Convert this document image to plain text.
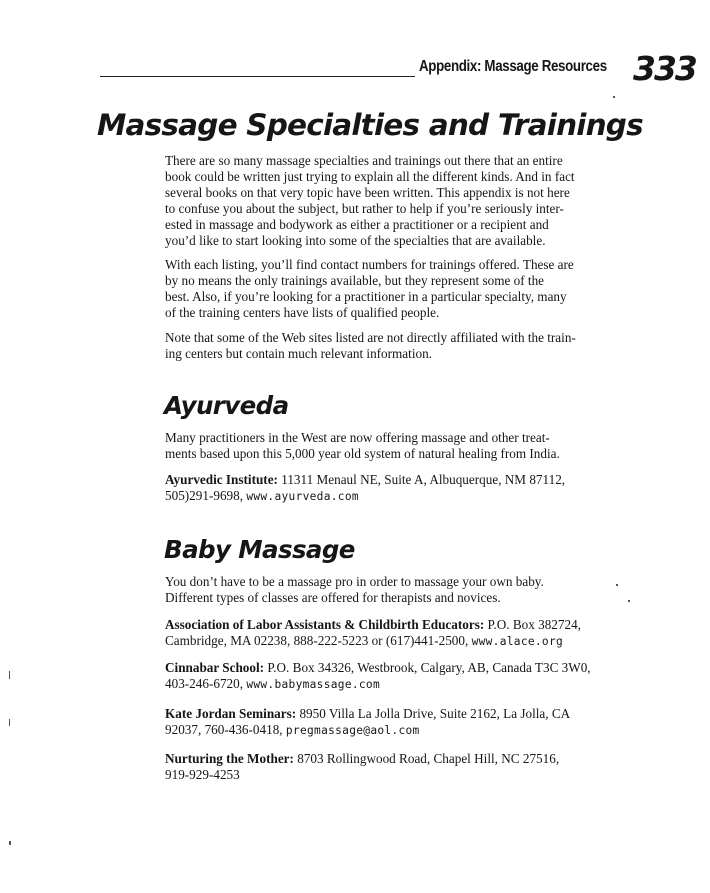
Appendix: Massage Resources 333
Massage Specialties and Trainings

There are so many massage specialties and trainings out there that an entire
book could be written just trying to explain all the different kinds. And in fact
several books on that very topic have been written. This appendix is not here
to confuse you about the subject, but rather to help if you’re seriously inter-
ested in massage and bodywork as either a practitioner or a recipient and
you’d like to start looking into some of the specialties that are available.

With each listing, you’ll find contact numbers for trainings offered. These are
by no means the only trainings available, but they represent some of the
best. Also, if you’re looking for a practitioner in a particular specialty, many
of the training centers have lists of qualified people.

Note that some of the Web sites listed are not directly affiliated with the train-
ing centers but contain much relevant information.

Ayurveda

Many practitioners in the West are now offering massage and other treat-
ments based upon this 5,000 year old system of natural healing from India.

Ayurvedic Institute: 11311 Menaul NE, Suite A, Albuquerque, NM 87112,
505)291-9698, www.ayurveda.com

Baby Massage

You don’t have to be a massage pro in order to massage your own baby.
Different types of classes are offered for therapists and novices.

Association of Labor Assistants & Childbirth Educators: P.O. Box 382724,
Cambridge, MA 02238, 888-222-5223 or (617)441-2500, www.alace.org

Cinnabar School: P.O. Box 34326, Westbrook, Calgary, AB, Canada T3C 3W0,
403-246-6720, www.babymassage.com

Kate Jordan Seminars: 8950 Villa La Jolla Drive, Suite 2162, La Jolla, CA
92037, 760-436-0418, pregmassage@aol.com

Nurturing the Mother: 8703 Rollingwood Road, Chapel Hill, NC 27516,
919-929-4253
